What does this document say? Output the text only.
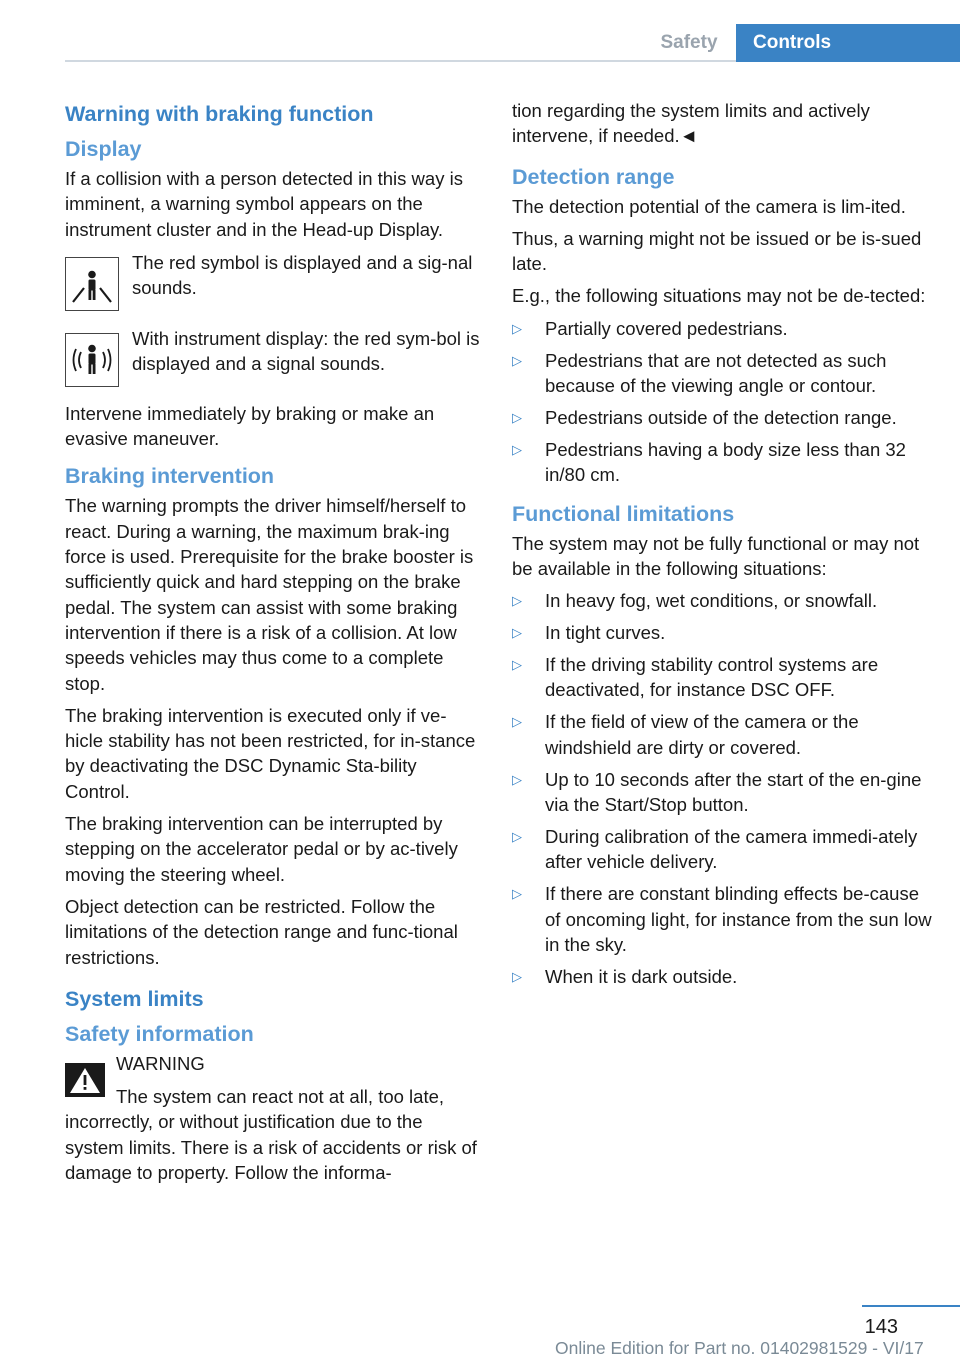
Safety	Controls
Warning with braking function
Display
If a collision with a person detected in this way is imminent, a warning symbol appears on the instrument cluster and in the Head-up Display.
The red symbol is displayed and a sig‐nal sounds.
With instrument display: the red sym‐bol is displayed and a signal sounds.
Intervene immediately by braking or make an evasive maneuver.
Braking intervention
The warning prompts the driver himself/herself to react. During a warning, the maximum brak‐ing force is used. Prerequisite for the brake booster is sufficiently quick and hard stepping on the brake pedal. The system can assist with some braking intervention if there is a risk of a collision. At low speeds vehicles may thus come to a complete stop.
The braking intervention is executed only if ve‐hicle stability has not been restricted, for in‐stance by deactivating the DSC Dynamic Sta‐bility Control.
The braking intervention can be interrupted by stepping on the accelerator pedal or by ac‐tively moving the steering wheel.
Object detection can be restricted. Follow the limitations of the detection range and func‐tional restrictions.
System limits
Safety information
WARNING
The system can react not at all, too late,
incorrectly, or without justification due to the system limits. There is a risk of accidents or risk of damage to property. Follow the informa‐
tion regarding the system limits and actively intervene, if needed.◄
Detection range
The detection potential of the camera is lim‐ited.
Thus, a warning might not be issued or be is‐sued late.
E.g., the following situations may not be de‐tected:
▷ Partially covered pedestrians.
▷ Pedestrians that are not detected as such because of the viewing angle or contour.
▷ Pedestrians outside of the detection range.
▷ Pedestrians having a body size less than 32 in/80 cm.
Functional limitations
The system may not be fully functional or may not be available in the following situations:
▷ In heavy fog, wet conditions, or snowfall.
▷ In tight curves.
▷ If the driving stability control systems are deactivated, for instance DSC OFF.
▷ If the field of view of the camera or the windshield are dirty or covered.
▷ Up to 10 seconds after the start of the en‐gine via the Start/Stop button.
▷ During calibration of the camera immedi‐ately after vehicle delivery.
▷ If there are constant blinding effects be‐cause of oncoming light, for instance from the sun low in the sky.
▷ When it is dark outside.
143
Online Edition for Part no. 01402981529 - VI/17
